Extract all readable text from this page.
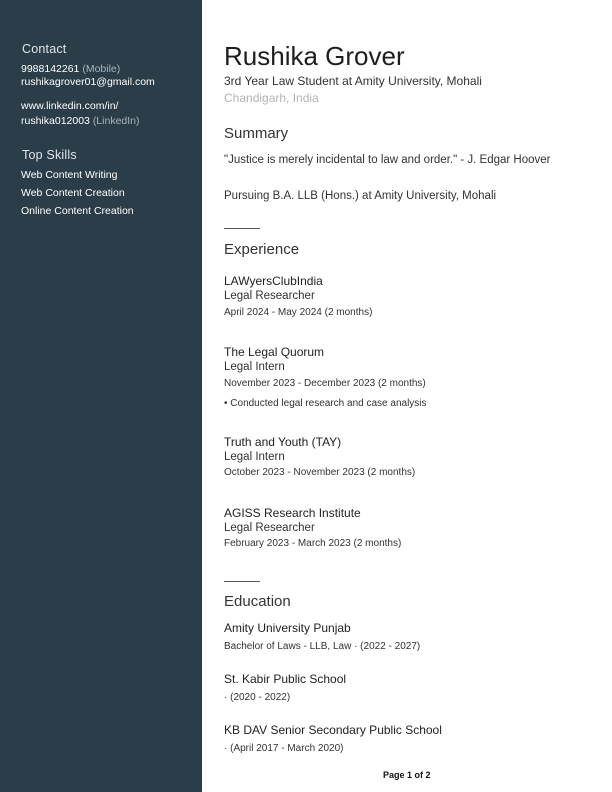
Contact
9988142261 (Mobile)
rushikagrover01@gmail.com
www.linkedin.com/in/
rushika012003 (LinkedIn)
Top Skills
Web Content Writing
Web Content Creation
Online Content Creation
Rushika Grover
3rd Year Law Student at Amity University, Mohali
Chandigarh, India
Summary
"Justice is merely incidental to law and order." - J. Edgar Hoover
Pursuing B.A. LLB (Hons.) at Amity University, Mohali
Experience
LAWyersClubIndia
Legal Researcher
April 2024 - May 2024 (2 months)
The Legal Quorum
Legal Intern
November 2023 - December 2023 (2 months)
• Conducted legal research and case analysis
Truth and Youth (TAY)
Legal Intern
October 2023 - November 2023 (2 months)
AGISS Research Institute
Legal Researcher
February 2023 - March 2023 (2 months)
Education
Amity University Punjab
Bachelor of Laws - LLB, Law · (2022 - 2027)
St. Kabir Public School
· (2020 - 2022)
KB DAV Senior Secondary Public School
· (April 2017 - March 2020)
Page 1 of 2
